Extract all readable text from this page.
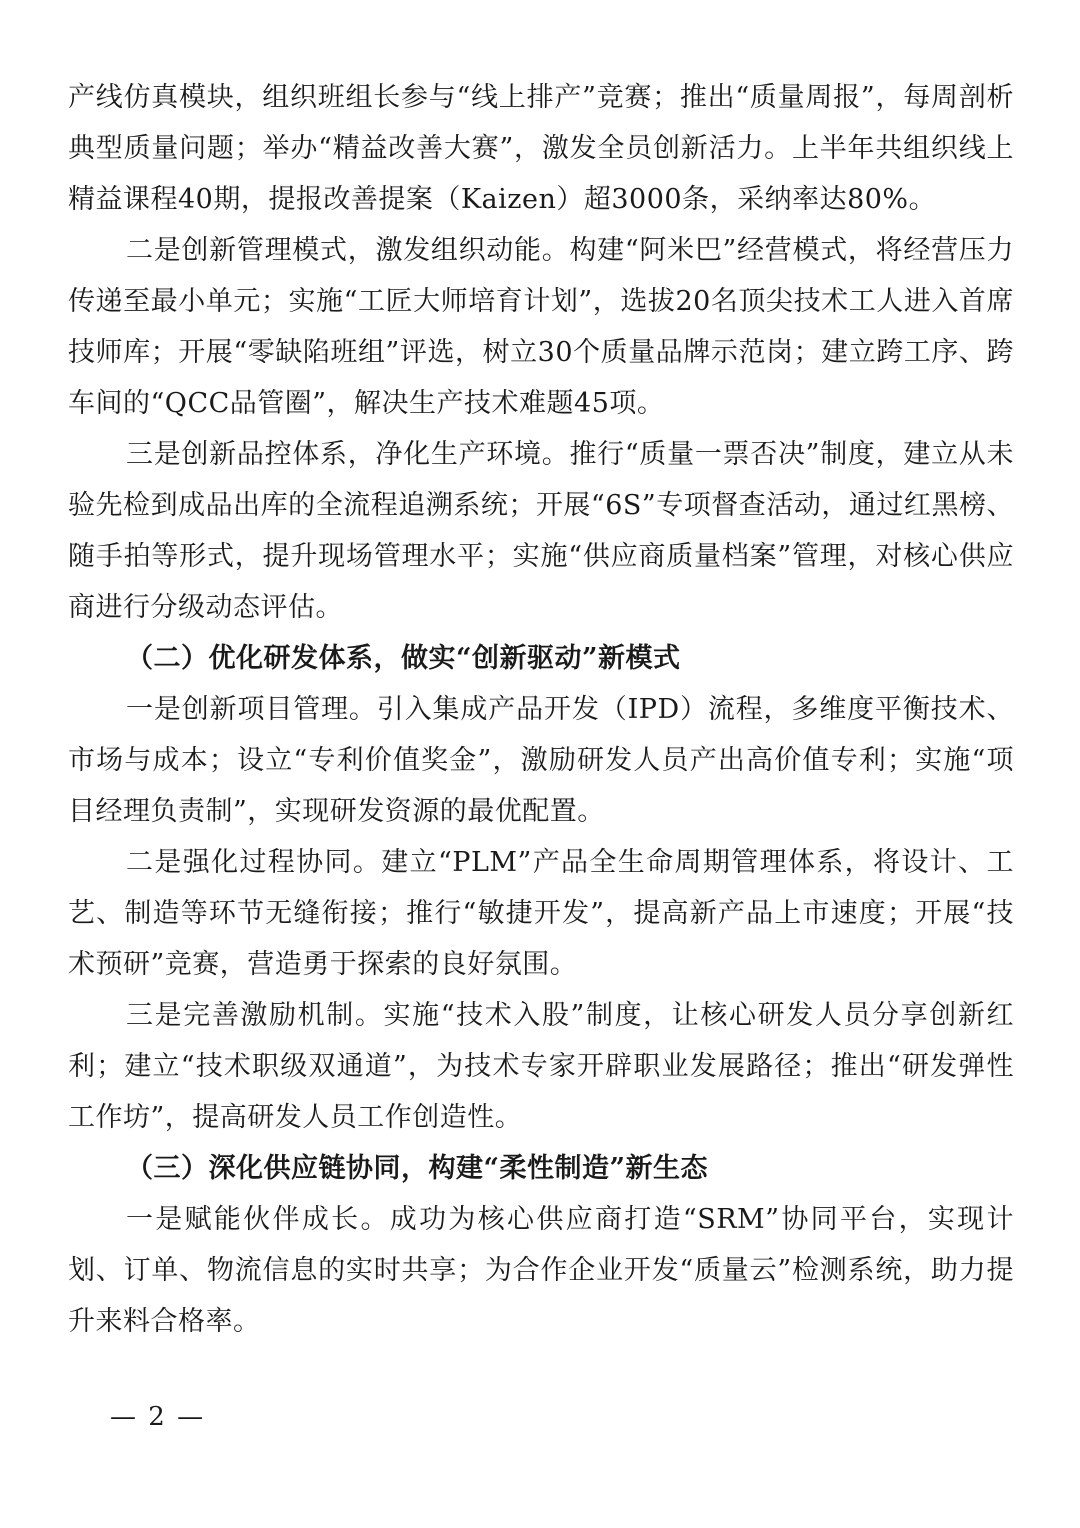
产线仿真模块，组织班组长参与“线上排产”竞赛；推出“质量周报”，每周剖析典型质量问题；举办“精益改善大赛”，激发全员创新活力。上半年共组织线上精益课程40期，提报改善提案（Kaizen）超3000条，采纳率达80%。

二是创新管理模式，激发组织动能。构建“阿米巴”经营模式，将经营压力传递至最小单元；实施“工匠大师培育计划”，选拔20名顶尖技术工人进入首席技师库；开展“零缺陷班组”评选，树立30个质量品牌示范岗；建立跨工序、跨车间的“QCC品管圈”，解决生产技术难题45项。

三是创新品控体系，净化生产环境。推行“质量一票否决”制度，建立从未验先检到成品出库的全流程追溯系统；开展“6S”专项督查活动，通过红黑榜、随手拍等形式，提升现场管理水平；实施“供应商质量档案”管理，对核心供应商进行分级动态评估。

（二）优化研发体系，做实“创新驱动”新模式

一是创新项目管理。引入集成产品开发（IPD）流程，多维度平衡技术、市场与成本；设立“专利价值奖金”，激励研发人员产出高价值专利；实施“项目经理负责制”，实现研发资源的最优配置。

二是强化过程协同。建立“PLM”产品全生命周期管理体系，将设计、工艺、制造等环节无缝衔接；推行“敏捷开发”，提高新产品上市速度；开展“技术预研”竞赛，营造勇于探索的良好氛围。

三是完善激励机制。实施“技术入股”制度，让核心研发人员分享创新红利；建立“技术职级双通道”，为技术专家开辟职业发展路径；推出“研发弹性工作坊”，提高研发人员工作创造性。

（三）深化供应链协同，构建“柔性制造”新生态

一是赋能伙伴成长。成功为核心供应商打造“SRM”协同平台，实现计划、订单、物流信息的实时共享；为合作企业开发“质量云”检测系统，助力提升来料合格率。

— 2 —
